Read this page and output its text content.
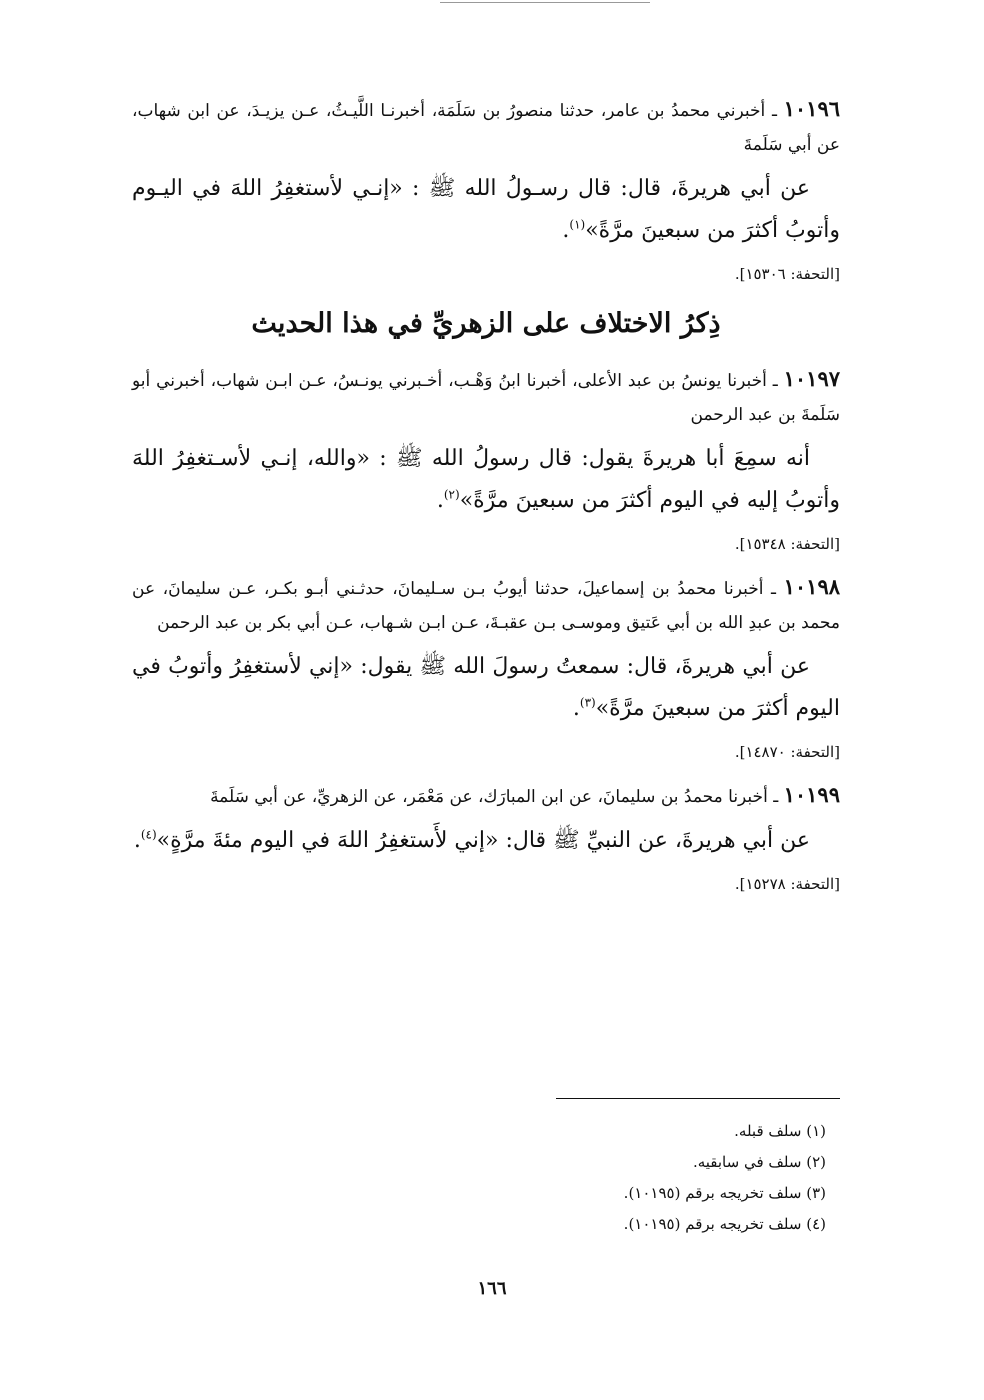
١٠١٩٦ ـ أخبرني محمدُ بن عامر، حدثنا منصورُ بن سَلَمَة، أخبرنـا اللَّيـثُ، عـن يزيـدَ، عن ابن شهاب، عن أبي سَلَمةَ

عن أبي هريرةَ، قال: قال رسـولُ الله ﷺ : «إنـي لأستغفِرُ اللهَ في اليـوم وأتوبُ أكثرَ من سبعينَ مرَّةً»$^{(١)}$.

[التحفة: ١٥٣٠٦].

ذِكرُ الاختلاف على الزهريِّ في هذا الحديث

١٠١٩٧ ـ أخبرنا يونسُ بن عبد الأعلى، أخبرنا ابنُ وَهْـب، أخـبرني يونـسُ، عـن ابـن شهاب، أخبرني أبو سَلَمةَ بن عبد الرحمن

أنه سمِعَ أبا هريرةَ يقول: قال رسولُ الله ﷺ : «والله، إنـي لأسـتغفِرُ اللهَ وأتوبُ إليه في اليوم أكثرَ من سبعينَ مرَّةً»$^{(٢)}$.

[التحفة: ١٥٣٤٨].

١٠١٩٨ ـ أخبرنا محمدُ بن إسماعيلَ، حدثنا أيوبُ بـن سـليمانَ، حدثـني أبـو بكـر، عـن سليمانَ، عن محمد بن عبدِ الله بن أبي عَتيق وموسـى بـن عقبـةَ، عـن ابـن شـهاب، عـن أبي بكر بن عبد الرحمن

عن أبي هريرةَ، قال: سمعتُ رسولَ الله ﷺ يقول: «إني لأستغفِرُ وأتوبُ في اليوم أكثرَ من سبعينَ مرَّةً»$^{(٣)}$.

[التحفة: ١٤٨٧٠].

١٠١٩٩ ـ أخبرنا محمدُ بن سليمانَ، عن ابن المبارَك، عن مَعْمَر، عن الزهريِّ، عن أبي سَلَمةَ

عن أبي هريرةَ، عن النبيِّ ﷺ قال: «إني لأَستغفِرُ اللهَ في اليوم مئةَ مرَّةٍ»$^{(٤)}$.

[التحفة: ١٥٢٧٨].

(١) سلف قبله.

(٢) سلف في سابقيه.

(٣) سلف تخريجه برقم (١٠١٩٥).

(٤) سلف تخريجه برقم (١٠١٩٥).

١٦٦
